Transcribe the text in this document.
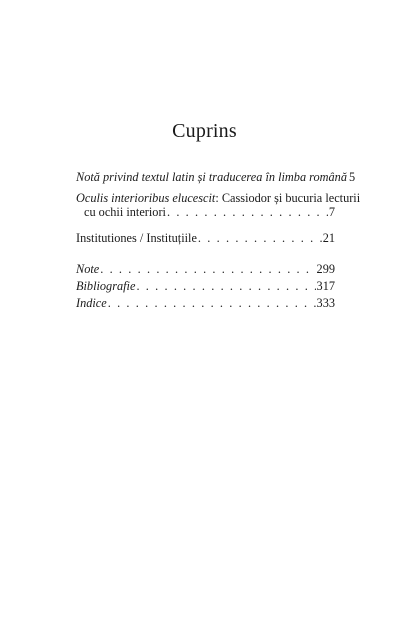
Cuprins
Notă privind textul latin și traducerea în limba română 5
Oculis interioribus elucescit: Cassiodor și bucuria lecturii
cu ochii interiori . . .	7
Institutiones / Instituțiile . . .	21
Note . . .	299
Bibliografie . . .	317
Indice . . .	333
